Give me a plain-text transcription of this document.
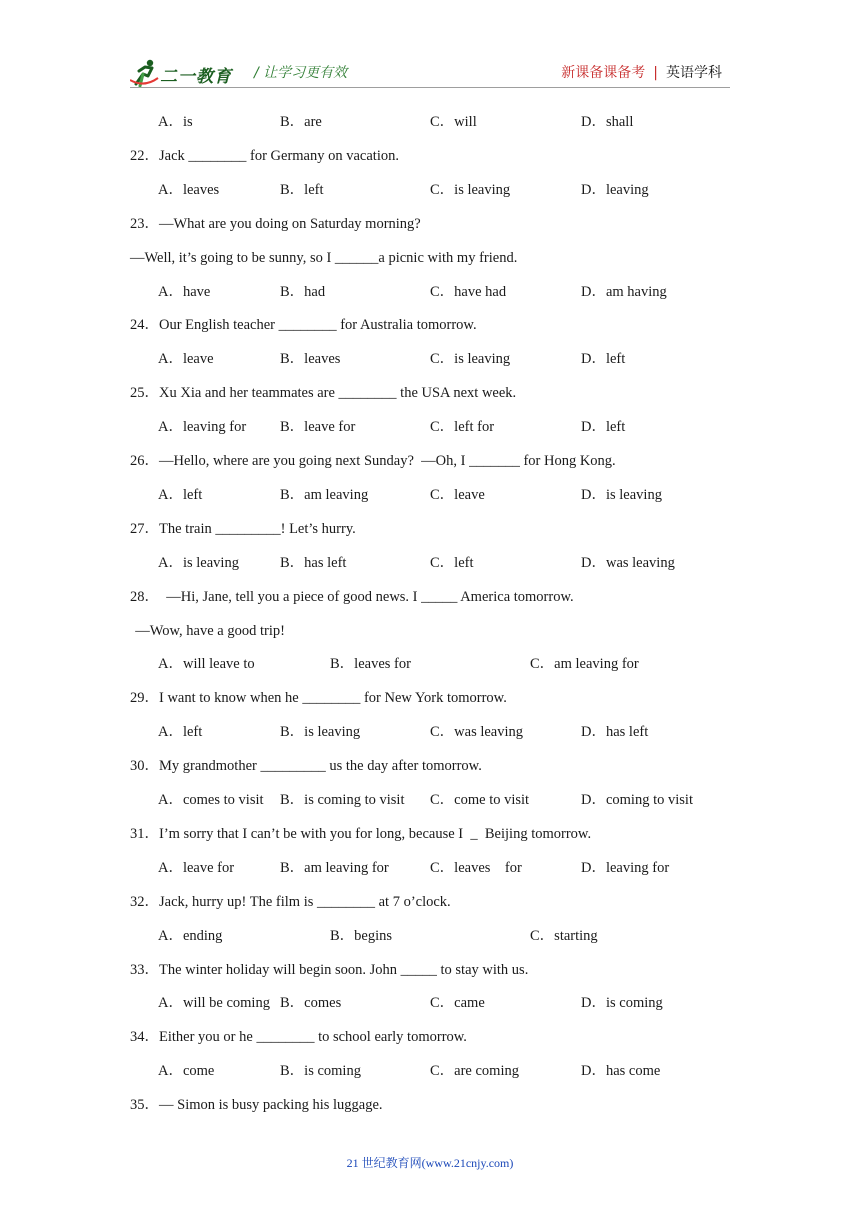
二一教育 / 让学习更有效	新课备课备考 | 英语学科
A．is	B．are	C．will	D．shall
22．Jack ________ for Germany on vacation.
A．leaves	B．left	C．is leaving	D．leaving
23．—What are you doing on Saturday morning?
—Well, it’s going to be sunny, so I ______a picnic with my friend.
A．have	B．had	C．have had	D．am having
24．Our English teacher ________ for Australia tomorrow.
A．leave	B．leaves	C．is leaving	D．left
25．Xu Xia and her teammates are ________ the USA next week.
A．leaving for B．leave for	C．left for	D．left
26．—Hello, where are you going next Sunday?  —Oh, I _______ for Hong Kong.
A．left	B．am leaving	C．leave	D．is leaving
27．The train _________! Let’s hurry.
A．is leaving	B．has left	C．left	D．was leaving
28．  —Hi, Jane, tell you a piece of good news. I _____ America tomorrow.
—Wow, have a good trip!
A．will leave to	B．leaves for	C．am leaving for
29．I want to know when he ________ for New York tomorrow.
A．left	B．is leaving	C．was leaving	D．has left
30．My grandmother _________ us the day after tomorrow.
A．comes to visit B．is coming to visit C．come to visit	D．coming to visit
31．I’m sorry that I can’t be with you for long, because I  _  Beijing tomorrow.
A．leave for	B．am leaving for	C．leaves    for	D．leaving for
32．Jack, hurry up! The film is ________ at 7 o’clock.
A．ending	B．begins	C．starting
33．The winter holiday will begin soon. John _____ to stay with us.
A．will be coming B．comes	C．came	D．is coming
34．Either you or he ________ to school early tomorrow.
A．come	B．is coming	C．are coming	D．has come
35．— Simon is busy packing his luggage.
21 世纪教育网(www.21cnjy.com)
